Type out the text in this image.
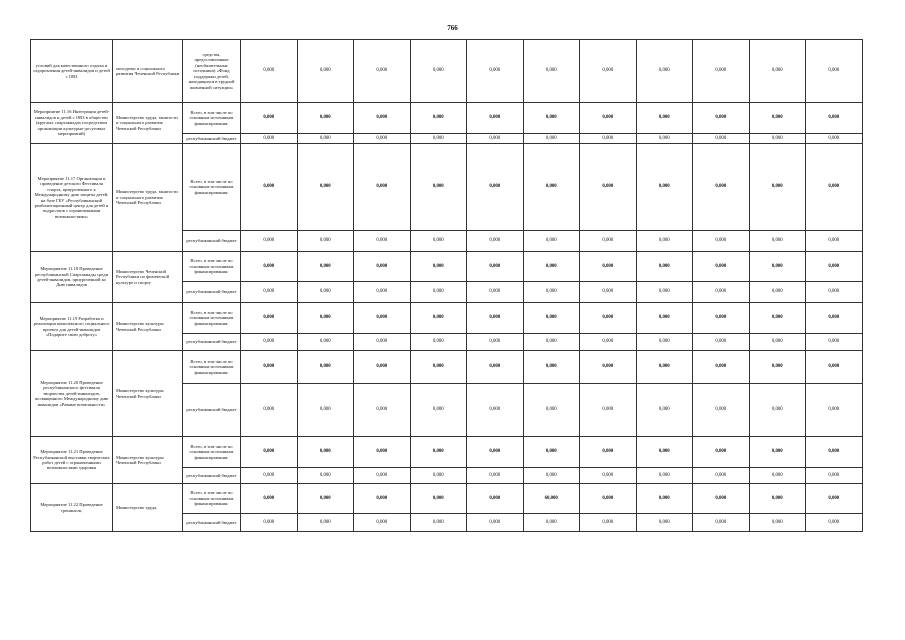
766
условий для качественного отдыха и оздоровления детей-инвалидов и детей с ОВЗ	молодежи и социального развития Чеченской Республики	средства, предоставленные (необязательные источники) «Фонд поддержки детей, находящихся в трудной жизненной ситуации»	0,000	0,000	0,000	0,000	0,000	0,000	0,000	0,000	0,000	0,000	0,000
Мероприятие 11.16 Интеграция детей-инвалидов и детей с ОВЗ в общество (круглых спартакиадах посредством организации культурно-досуговых мероприятий)	Министерство труда, занятости и социального развития Чеченской Республики	Всего, в том числе по основным источникам финансирования:	0,000	0,000	0,000	0,000	0,000	0,000	0,000	0,000	0,000	0,000	0,000
		республиканский бюджет	0,000	0,000	0,000	0,000	0,000	0,000	0,000	0,000	0,000	0,000	0,000
Мероприятие 11.17 Организация и проведение детского Фестиваля спорта, приуроченного к Международному дню защиты детей, на базе ГБУ «Республиканский реабилитационный центр для детей и подростков с ограниченными возможностями»	Министерство труда, занятости и социального развития Чеченской Республики	Всего, в том числе по основным источникам финансирования:	0,000	0,000	0,000	0,000	0,000	0,000	0,000	0,000	0,000	0,000	0,000
		республиканский бюджет	0,000	0,000	0,000	0,000	0,000	0,000	0,000	0,000	0,000	0,000	0,000
Мероприятие 11.18 Проведение республиканской Спартакиады среди детей-инвалидов, приуроченной ко Дню инвалидов	Министерство Чеченской Республики по физической культуре и спорту	Всего, в том числе по основным источникам финансирования:	0,000	0,000	0,000	0,000	0,000	0,000	0,000	0,000	0,000	0,000	0,000
		республиканский бюджет	0,000	0,000	0,000	0,000	0,000	0,000	0,000	0,000	0,000	0,000	0,000
Мероприятие 11.19 Разработка и реализация комплексного социального проекта для детей-инвалидов «Подарите свою доброту»	Министерство культуры Чеченской Республики	Всего, в том числе по основным источникам финансирования:	0,000	0,000	0,000	0,000	0,000	0,000	0,000	0,000	0,000	0,000	0,000
		республиканский бюджет	0,000	0,000	0,000	0,000	0,000	0,000	0,000	0,000	0,000	0,000	0,000
Мероприятие 11.20 Проведение республиканского фестиваля творчества детей-инвалидов, посвященного Международному дню инвалидов «Равные возможности»	Министерство культуры Чеченской Республики	Всего, в том числе по основным источникам финансирования:	0,000	0,000	0,000	0,000	0,000	0,000	0,000	0,000	0,000	0,000	0,000
		республиканский бюджет	0,000	0,000	0,000	0,000	0,000	0,000	0,000	0,000	0,000	0,000	0,000
Мероприятие 11.21 Проведение Республиканской выставки творческих работ детей с ограниченными возможностями здоровья	Министерство культуры Чеченской Республики	Всего, в том числе по основным источникам финансирования:	0,000	0,000	0,000	0,000	0,000	0,000	0,000	0,000	0,000	0,000	0,000
		республиканский бюджет	0,000	0,000	0,000	0,000	0,000	0,000	0,000	0,000	0,000	0,000	0,000
Мероприятие 11.22 Проведение тренингов,	Министерство труда,	Всего, в том числе по основным источникам финансирования:	0,000	0,000	0,000	0,000	0,000	60,000	0,000	0,000	0,000	0,000	0,000
		республиканский бюджет	0,000	0,000	0,000	0,000	0,000	0,000	0,000	0,000	0,000	0,000	0,000
